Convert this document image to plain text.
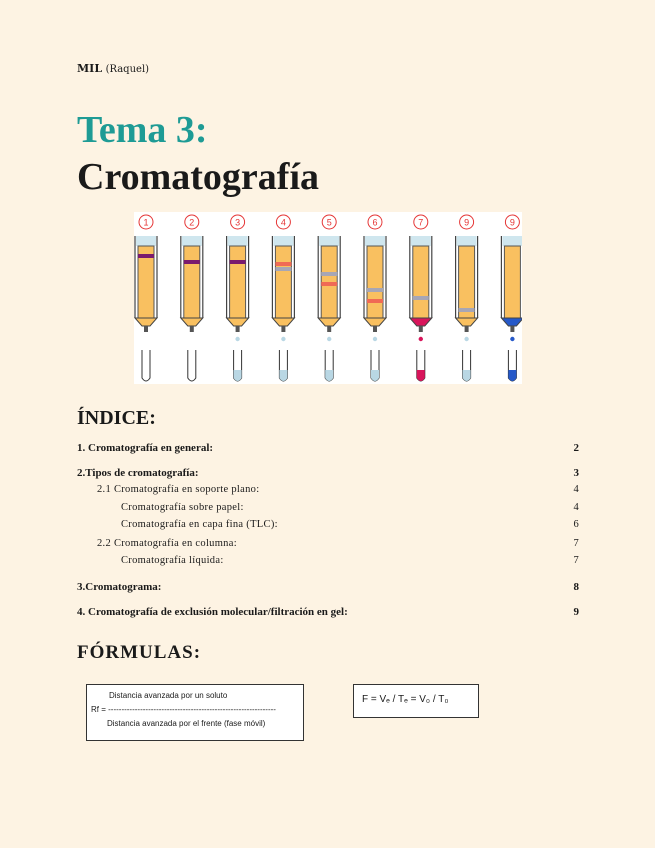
MIL (Raquel)
Tema 3:
Cromatografía
1	2	3	4	5	6	7	9	9
ÍNDICE:
1. Cromatografía en general:	2
2.Tipos de cromatografía:	3
2.1 Cromatografía en soporte plano:	4
Cromatografía sobre papel:	4
Cromatografía en capa fina (TLC):	6
2.2 Cromatografía en columna:	7
Cromatografía líquida:	7
3.Cromatograma:	8
4. Cromatografía de exclusión molecular/filtración en gel:	9
FÓRMULAS:
Distancia avanzada por un soluto
Rf = ---------------------------------------------------------------
Distancia avanzada por el frente (fase móvil)
F = Vₑ / Tₑ = V₀ / T₀
